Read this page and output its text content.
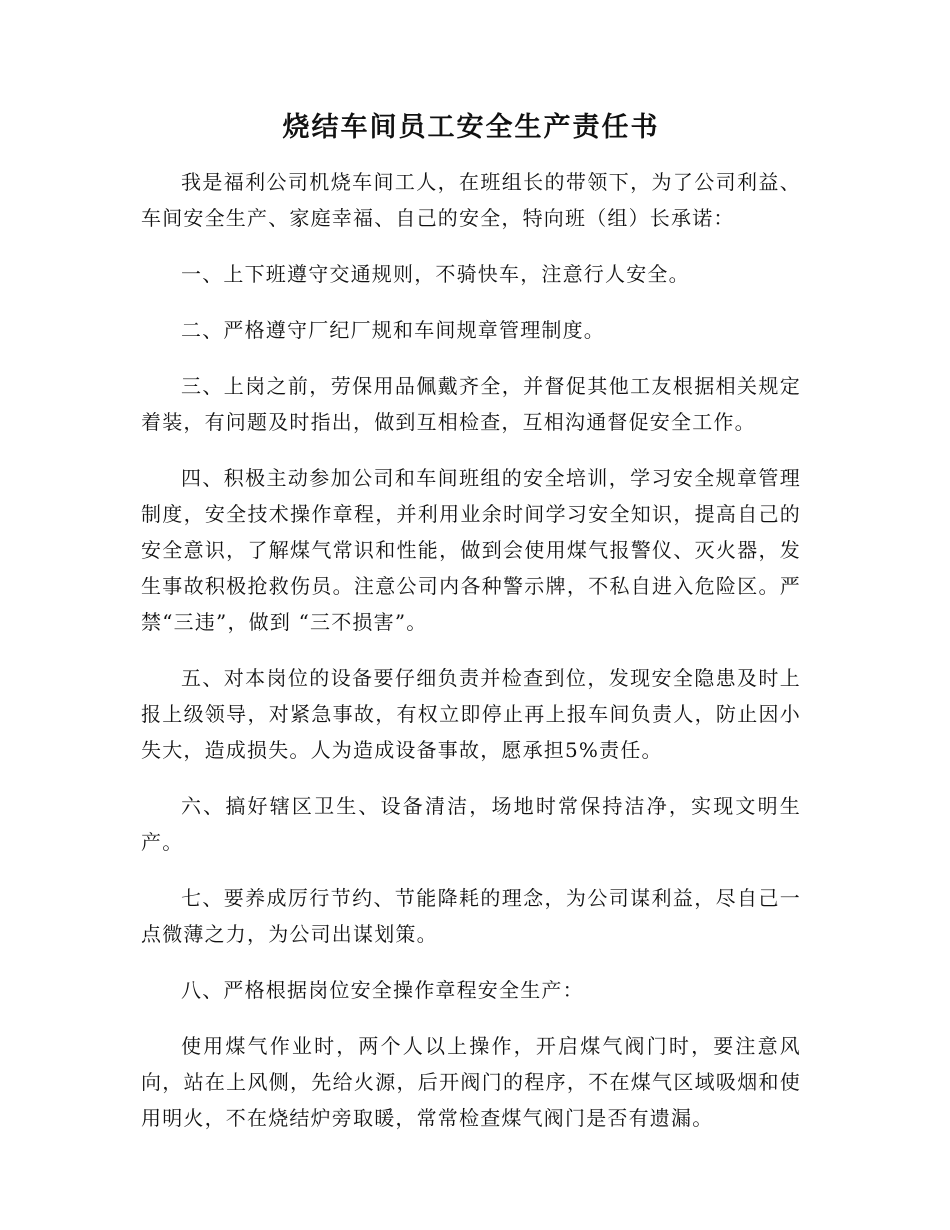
烧结车间员工安全生产责任书

我是福利公司机烧车间工人，在班组长的带领下，为了公司利益、车间安全生产、家庭幸福、自己的安全，特向班（组）长承诺：

一、上下班遵守交通规则，不骑快车，注意行人安全。

二、严格遵守厂纪厂规和车间规章管理制度。

三、上岗之前，劳保用品佩戴齐全，并督促其他工友根据相关规定着装，有问题及时指出，做到互相检查，互相沟通督促安全工作。

四、积极主动参加公司和车间班组的安全培训，学习安全规章管理制度，安全技术操作章程，并利用业余时间学习安全知识，提高自己的安全意识，了解煤气常识和性能，做到会使用煤气报警仪、灭火器，发生事故积极抢救伤员。注意公司内各种警示牌，不私自进入危险区。严禁“三违”，做到 “三不损害”。

五、对本岗位的设备要仔细负责并检查到位，发现安全隐患及时上报上级领导，对紧急事故，有权立即停止再上报车间负责人，防止因小失大，造成损失。人为造成设备事故，愿承担5%责任。

六、搞好辖区卫生、设备清洁，场地时常保持洁净，实现文明生产。

七、要养成厉行节约、节能降耗的理念，为公司谋利益，尽自己一点微薄之力，为公司出谋划策。

八、严格根据岗位安全操作章程安全生产：

使用煤气作业时，两个人以上操作，开启煤气阀门时，要注意风向，站在上风侧，先给火源，后开阀门的程序，不在煤气区域吸烟和使用明火，不在烧结炉旁取暖，常常检查煤气阀门是否有遗漏。
